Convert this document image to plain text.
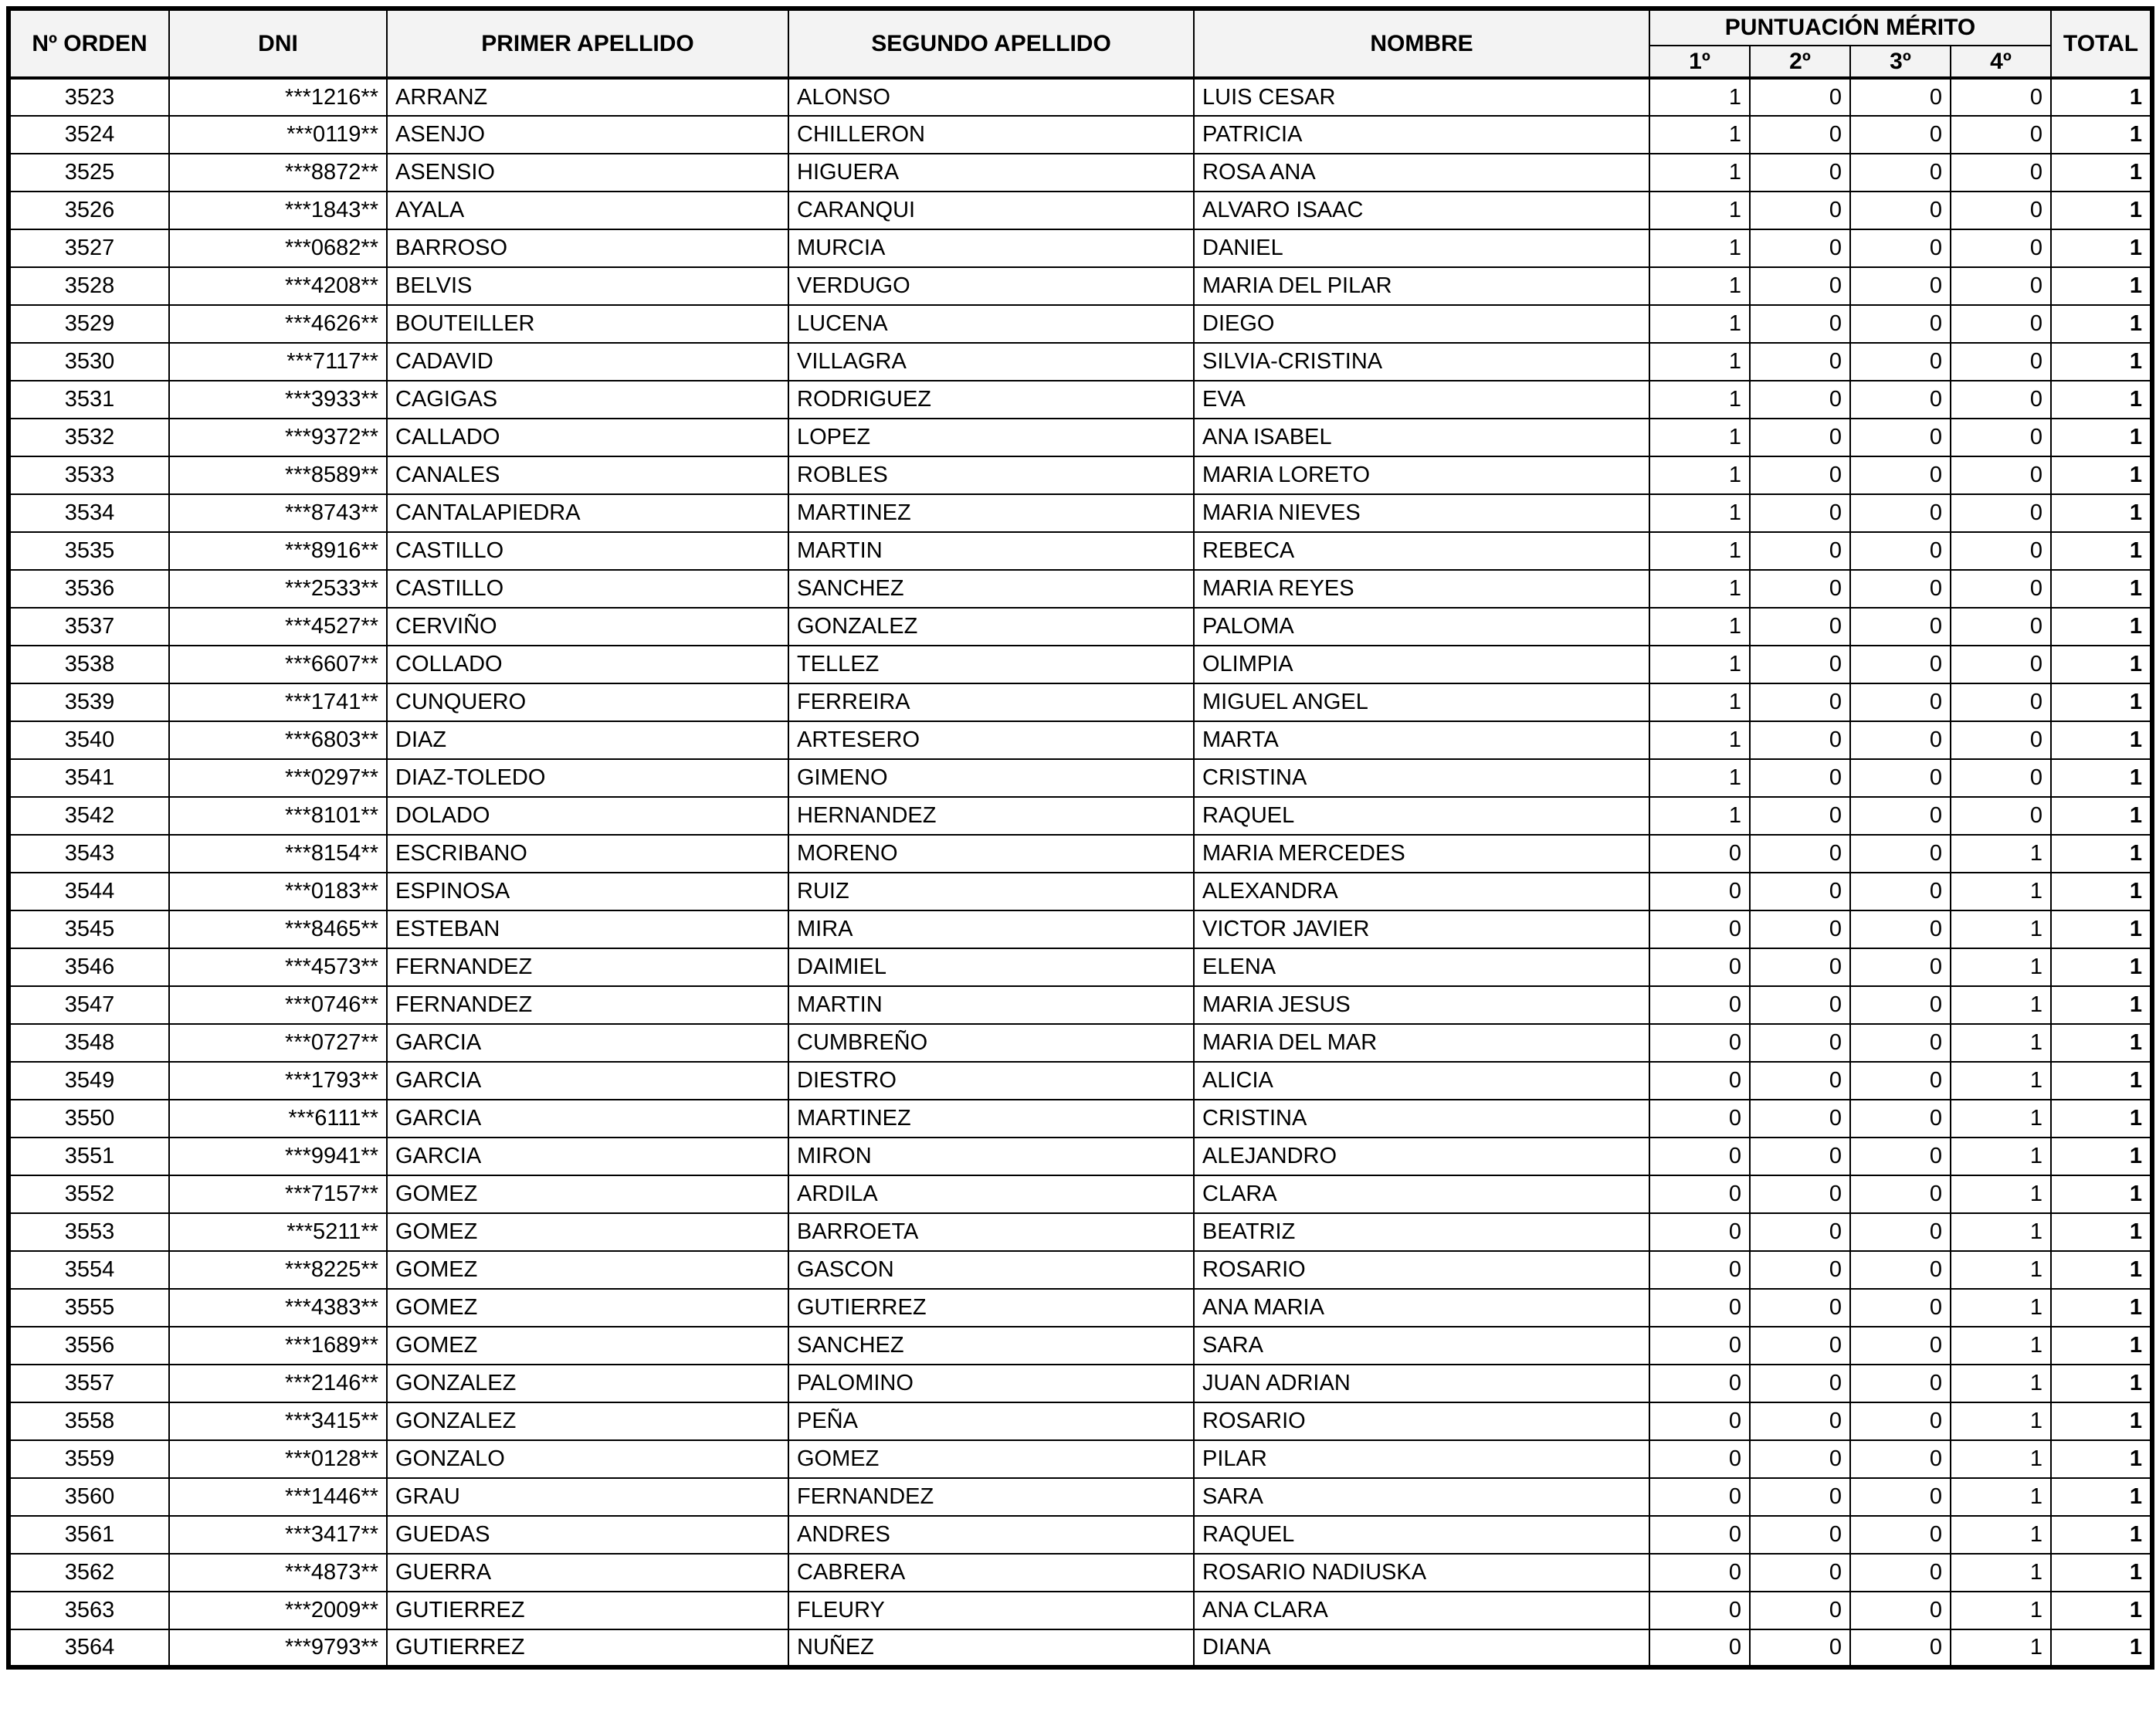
Nº ORDEN	DNI	PRIMER APELLIDO	SEGUNDO APELLIDO	NOMBRE	PUNTUACIÓN MÉRITO				TOTAL
					1º	2º	3º	4º	
3523	***1216**	ARRANZ	ALONSO	LUIS CESAR	1	0	0	0	1
3524	***0119**	ASENJO	CHILLERON	PATRICIA	1	0	0	0	1
3525	***8872**	ASENSIO	HIGUERA	ROSA ANA	1	0	0	0	1
3526	***1843**	AYALA	CARANQUI	ALVARO ISAAC	1	0	0	0	1
3527	***0682**	BARROSO	MURCIA	DANIEL	1	0	0	0	1
3528	***4208**	BELVIS	VERDUGO	MARIA DEL PILAR	1	0	0	0	1
3529	***4626**	BOUTEILLER	LUCENA	DIEGO	1	0	0	0	1
3530	***7117**	CADAVID	VILLAGRA	SILVIA-CRISTINA	1	0	0	0	1
3531	***3933**	CAGIGAS	RODRIGUEZ	EVA	1	0	0	0	1
3532	***9372**	CALLADO	LOPEZ	ANA ISABEL	1	0	0	0	1
3533	***8589**	CANALES	ROBLES	MARIA LORETO	1	0	0	0	1
3534	***8743**	CANTALAPIEDRA	MARTINEZ	MARIA NIEVES	1	0	0	0	1
3535	***8916**	CASTILLO	MARTIN	REBECA	1	0	0	0	1
3536	***2533**	CASTILLO	SANCHEZ	MARIA REYES	1	0	0	0	1
3537	***4527**	CERVIÑO	GONZALEZ	PALOMA	1	0	0	0	1
3538	***6607**	COLLADO	TELLEZ	OLIMPIA	1	0	0	0	1
3539	***1741**	CUNQUERO	FERREIRA	MIGUEL ANGEL	1	0	0	0	1
3540	***6803**	DIAZ	ARTESERO	MARTA	1	0	0	0	1
3541	***0297**	DIAZ-TOLEDO	GIMENO	CRISTINA	1	0	0	0	1
3542	***8101**	DOLADO	HERNANDEZ	RAQUEL	1	0	0	0	1
3543	***8154**	ESCRIBANO	MORENO	MARIA MERCEDES	0	0	0	1	1
3544	***0183**	ESPINOSA	RUIZ	ALEXANDRA	0	0	0	1	1
3545	***8465**	ESTEBAN	MIRA	VICTOR JAVIER	0	0	0	1	1
3546	***4573**	FERNANDEZ	DAIMIEL	ELENA	0	0	0	1	1
3547	***0746**	FERNANDEZ	MARTIN	MARIA JESUS	0	0	0	1	1
3548	***0727**	GARCIA	CUMBREÑO	MARIA DEL MAR	0	0	0	1	1
3549	***1793**	GARCIA	DIESTRO	ALICIA	0	0	0	1	1
3550	***6111**	GARCIA	MARTINEZ	CRISTINA	0	0	0	1	1
3551	***9941**	GARCIA	MIRON	ALEJANDRO	0	0	0	1	1
3552	***7157**	GOMEZ	ARDILA	CLARA	0	0	0	1	1
3553	***5211**	GOMEZ	BARROETA	BEATRIZ	0	0	0	1	1
3554	***8225**	GOMEZ	GASCON	ROSARIO	0	0	0	1	1
3555	***4383**	GOMEZ	GUTIERREZ	ANA MARIA	0	0	0	1	1
3556	***1689**	GOMEZ	SANCHEZ	SARA	0	0	0	1	1
3557	***2146**	GONZALEZ	PALOMINO	JUAN ADRIAN	0	0	0	1	1
3558	***3415**	GONZALEZ	PEÑA	ROSARIO	0	0	0	1	1
3559	***0128**	GONZALO	GOMEZ	PILAR	0	0	0	1	1
3560	***1446**	GRAU	FERNANDEZ	SARA	0	0	0	1	1
3561	***3417**	GUEDAS	ANDRES	RAQUEL	0	0	0	1	1
3562	***4873**	GUERRA	CABRERA	ROSARIO NADIUSKA	0	0	0	1	1
3563	***2009**	GUTIERREZ	FLEURY	ANA CLARA	0	0	0	1	1
3564	***9793**	GUTIERREZ	NUÑEZ	DIANA	0	0	0	1	1
